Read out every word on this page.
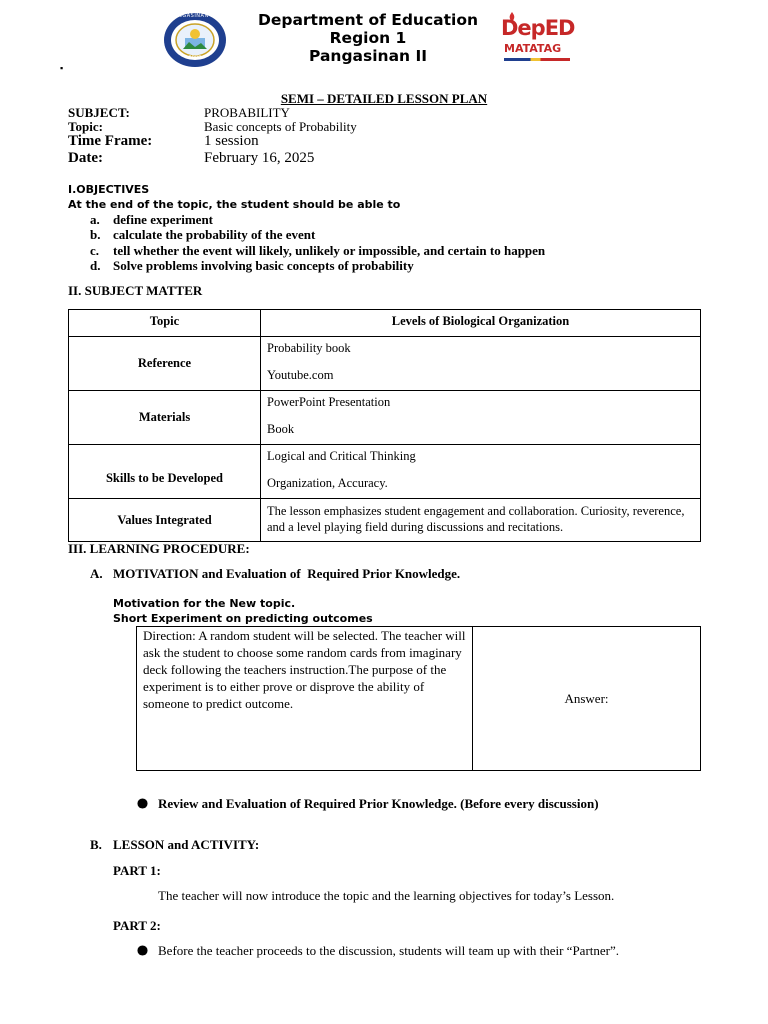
PANGASINAN DIVISION II
1990
Department of Education
Region 1
Pangasinan II
DepED
MATATAG
▪
SEMI – DETAILED LESSON PLAN
SUBJECT:	PROBABILITY
Topic:	Basic concepts of Probability
Time Frame:	1 session
Date:	February 16, 2025
I.OBJECTIVES
At the end of the topic, the student should be able to
a. define experiment
b. calculate the probability of the event
c. tell whether the event will likely, unlikely or impossible, and certain to happen
d. Solve problems involving basic concepts of probability
II. SUBJECT MATTER
Topic	Levels of Biological Organization
Reference	Probability book
Youtube.com

Materials	PowerPoint Presentation
Book

Skills to be Developed	Logical and Critical Thinking
Organization, Accuracy.

Values Integrated	The lesson emphasizes student engagement and collaboration. Curiosity, reverence, and a level playing field during discussions and recitations.
III. LEARNING PROCEDURE:
A. MOTIVATION and Evaluation of  Required Prior Knowledge.
Motivation for the New topic.
Short Experiment on predicting outcomes
Direction: A random student will be selected. The teacher will ask the student to choose some random cards from imaginary deck following the teachers instruction.The purpose of the experiment is to either prove or disprove the ability of someone to predict outcome.	Answer:
Review and Evaluation of Required Prior Knowledge. (Before every discussion)
B. LESSON and ACTIVITY:
PART 1:
The teacher will now introduce the topic and the learning objectives for today’s Lesson.
PART 2:
Before the teacher proceeds to the discussion, students will team up with their “Partner”.
